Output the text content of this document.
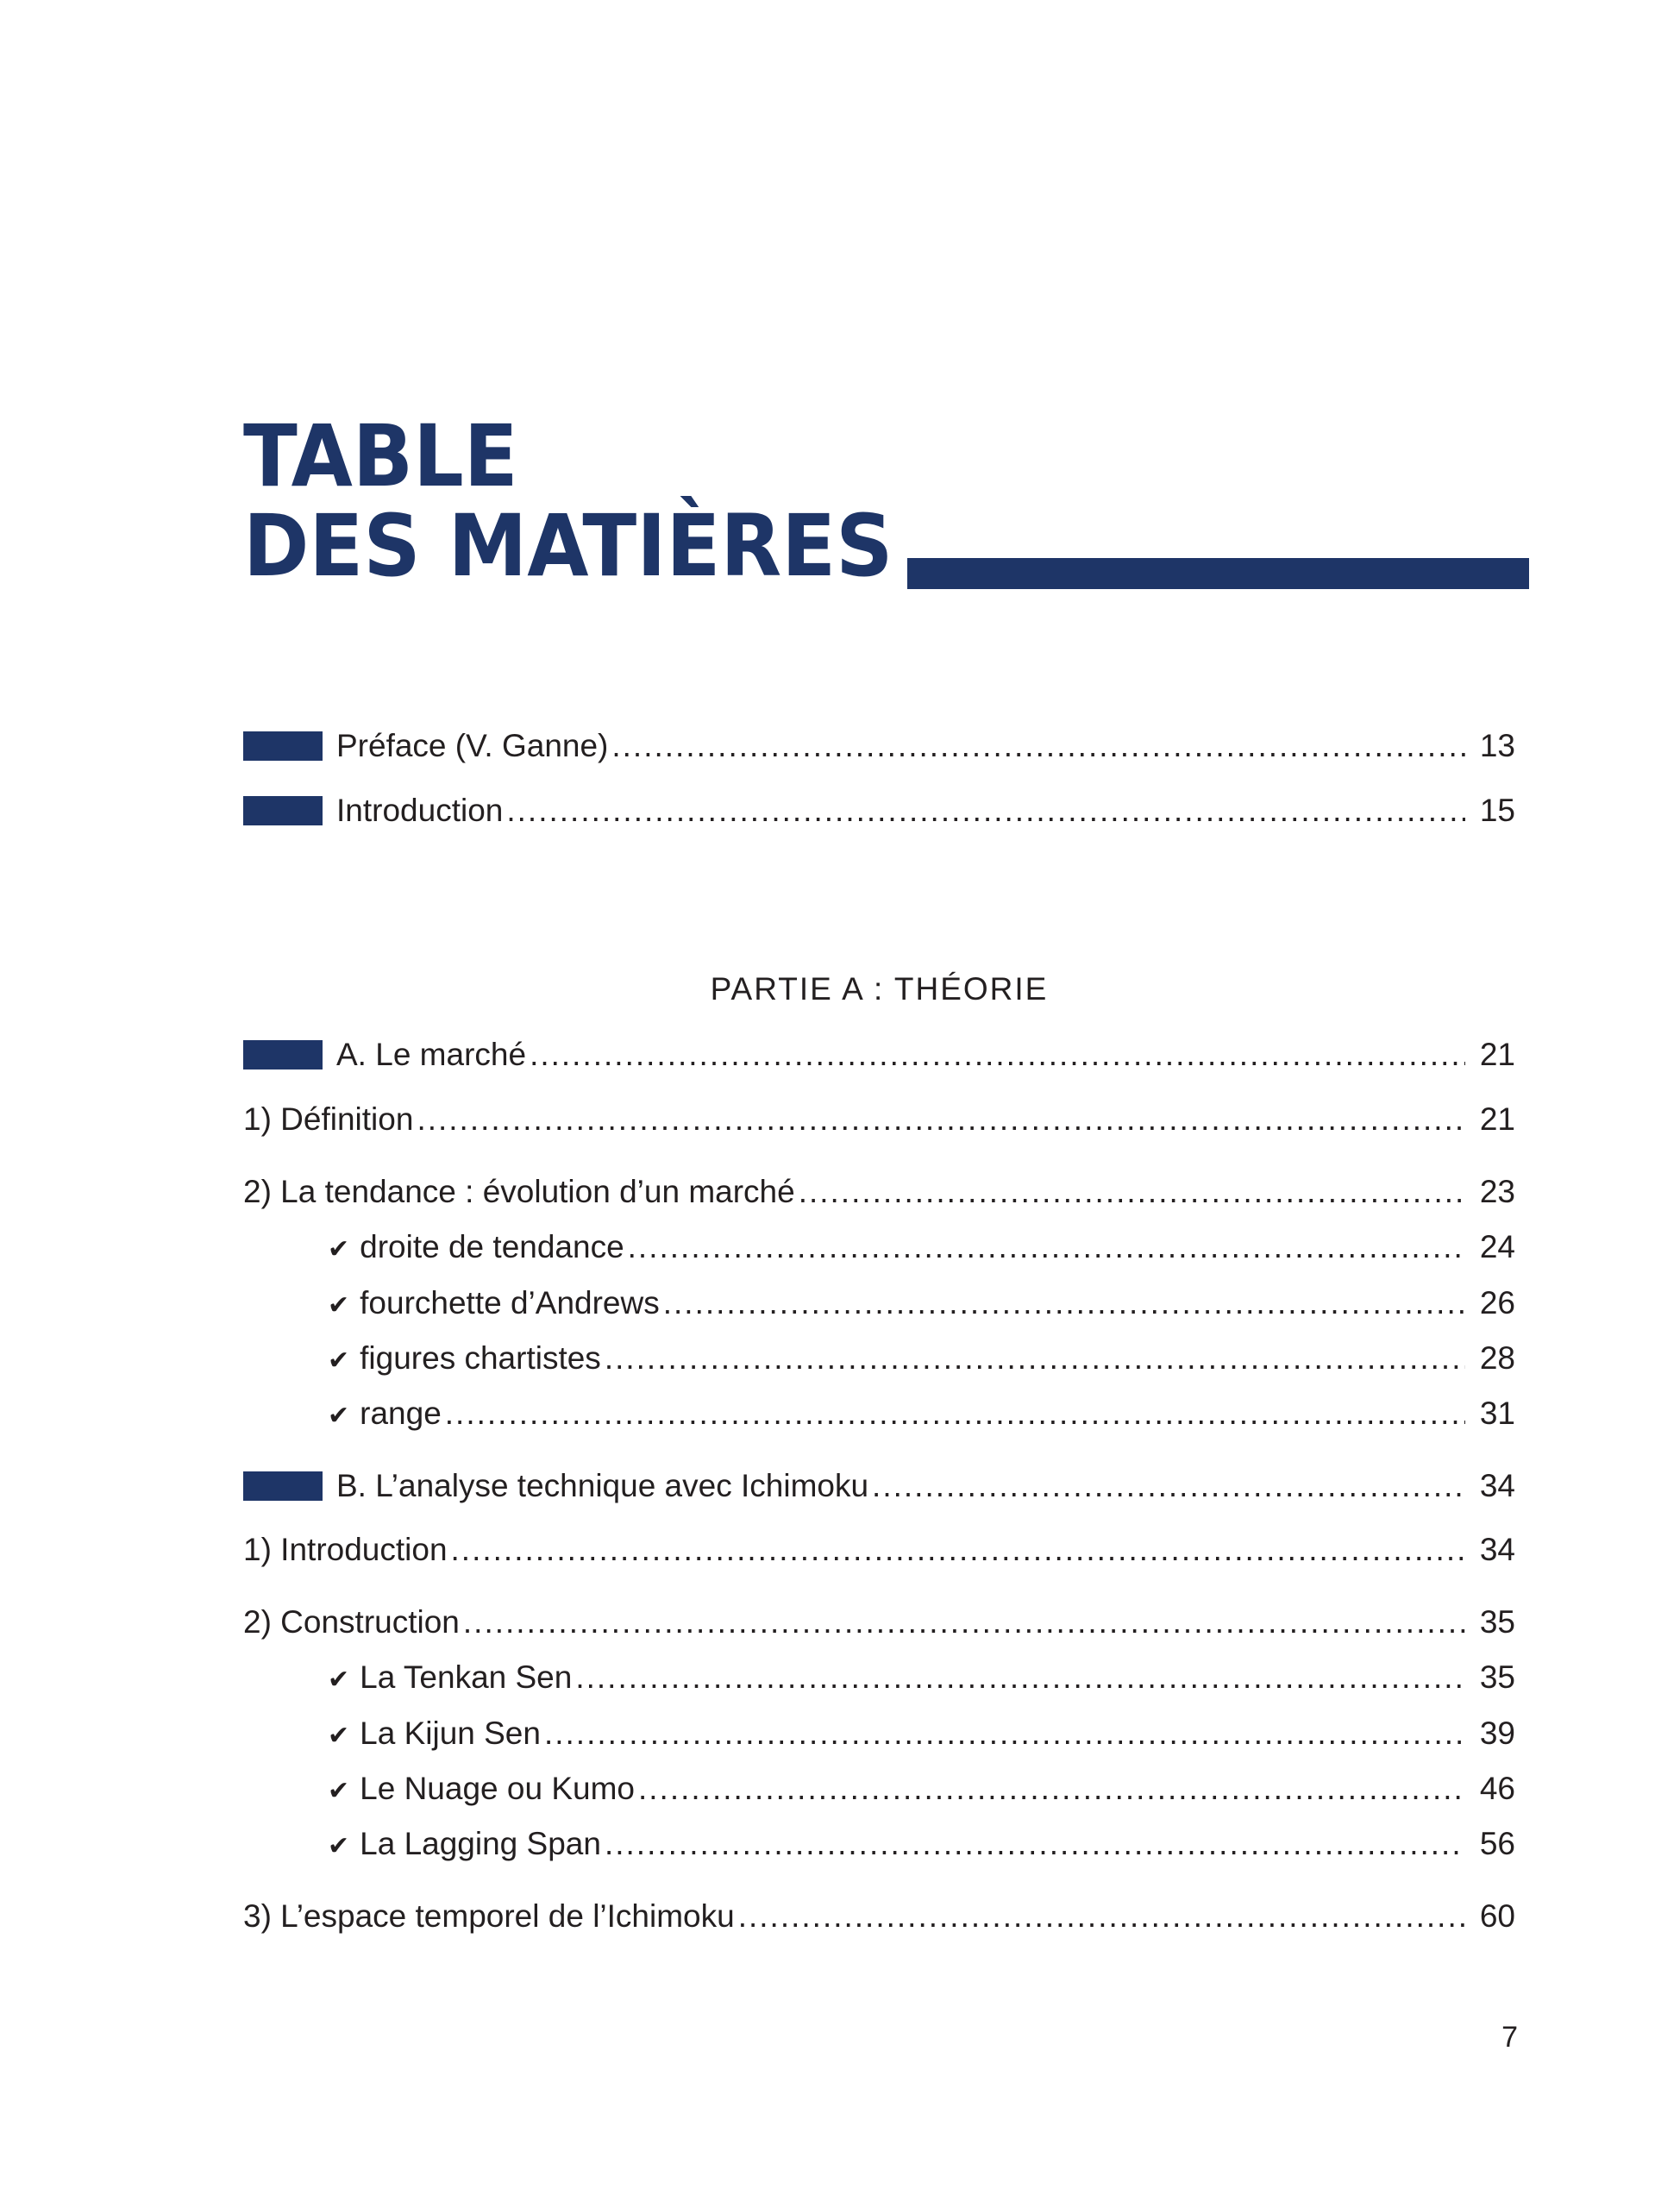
TABLE
DES MATIÈRES
Préface (V. Ganne) .....	13
Introduction .....	15
PARTIE A : THÉORIE
A. Le marché .....	21
1) Définition .....	21
2) La tendance : évolution d’un marché .....	23
✔ droite de tendance .....	24
✔ fourchette d’Andrews .....	26
✔ figures chartistes .....	28
✔ range .....	31
B. L’analyse technique avec Ichimoku .....	34
1) Introduction .....	34
2) Construction .....	35
✔ La Tenkan Sen .....	35
✔ La Kijun Sen .....	39
✔ Le Nuage ou Kumo .....	46
✔ La Lagging Span .....	56
3) L’espace temporel de l’Ichimoku .....	60
7
